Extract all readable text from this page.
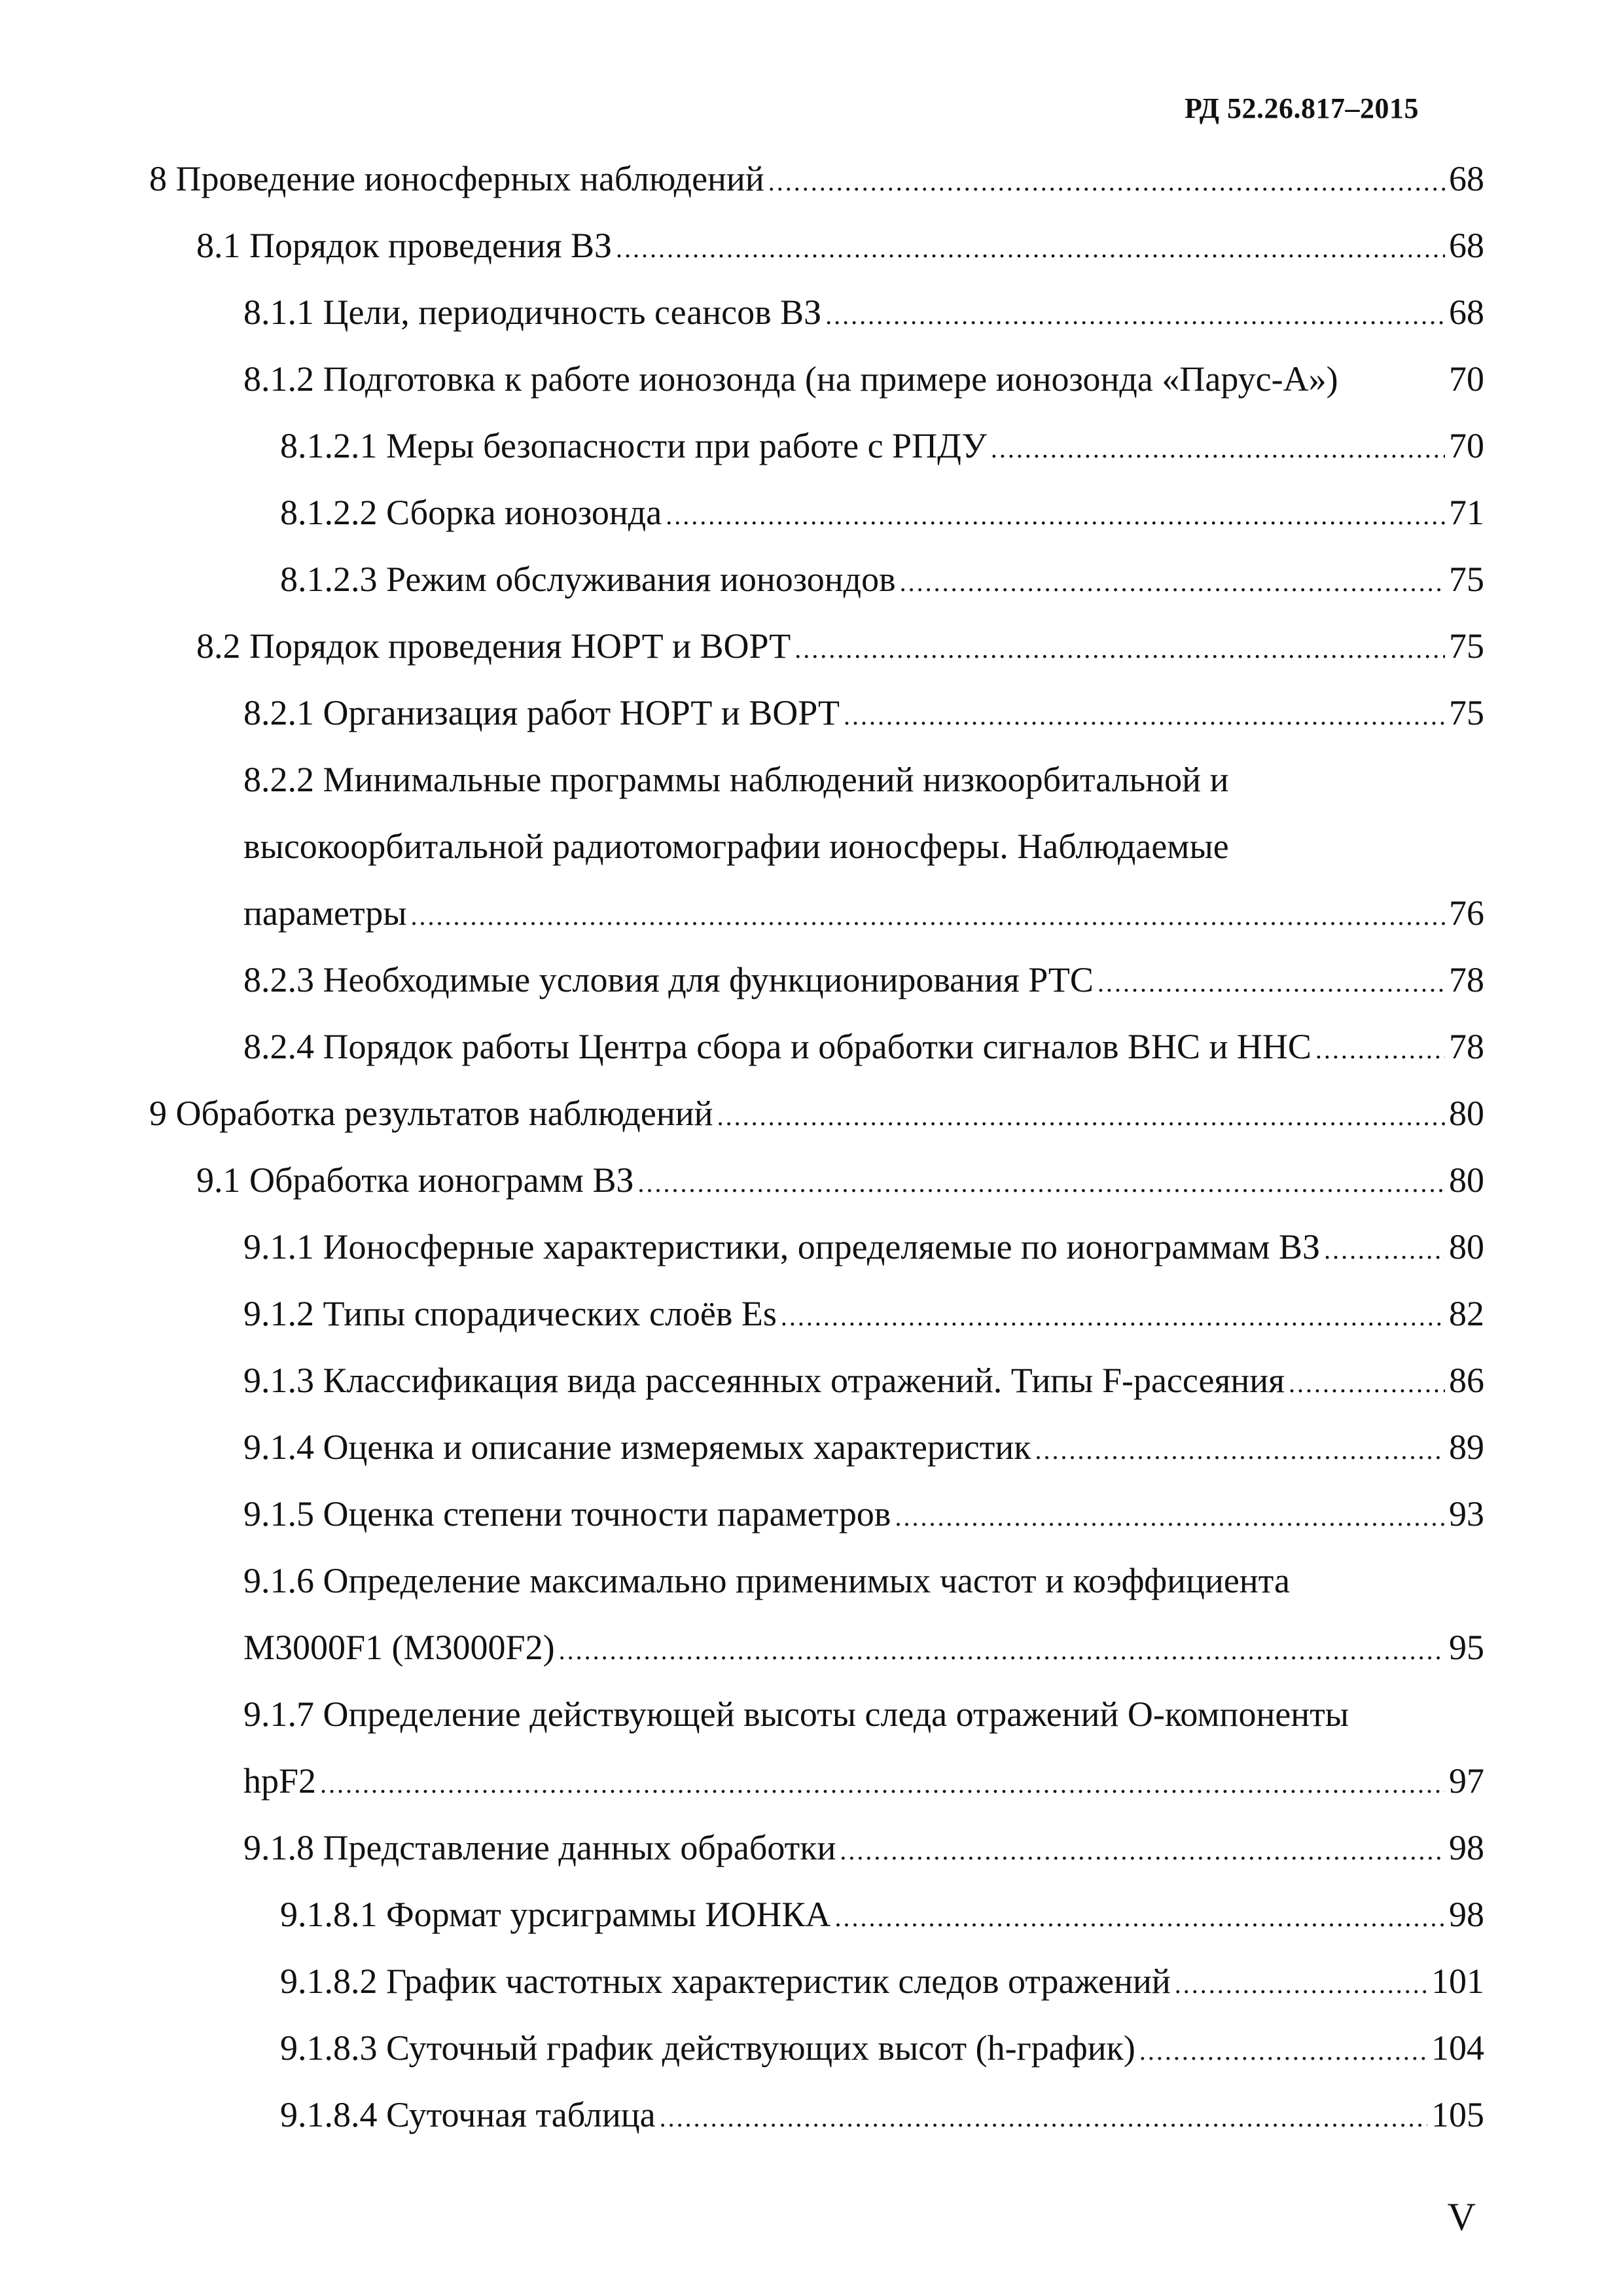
РД 52.26.817–2015
8 Проведение ионосферных наблюдений .....	68
8.1 Порядок проведения ВЗ .....	68
8.1.1 Цели, периодичность сеансов ВЗ .....	68
8.1.2 Подготовка к работе ионозонда (на примере ионозонда «Парус-А»)	70
8.1.2.1 Меры безопасности при работе с РПДУ .....	70
8.1.2.2 Сборка ионозонда .....	71
8.1.2.3 Режим обслуживания ионозондов .....	75
8.2 Порядок проведения НОРТ и ВОРТ .....	75
8.2.1 Организация работ НОРТ и ВОРТ .....	75
8.2.2 Минимальные программы наблюдений низкоорбитальной и
высокоорбитальной радиотомографии ионосферы. Наблюдаемые
параметры .....	76
8.2.3 Необходимые условия для функционирования РТС .....	78
8.2.4 Порядок работы Центра сбора и обработки сигналов ВНС и ННС .....	78
9 Обработка результатов наблюдений .....	80
9.1 Обработка ионограмм ВЗ .....	80
9.1.1 Ионосферные характеристики, определяемые по ионограммам ВЗ .....	80
9.1.2 Типы спорадических слоёв Es .....	82
9.1.3 Классификация вида рассеянных отражений. Типы F-рассеяния .....	86
9.1.4 Оценка и описание измеряемых характеристик .....	89
9.1.5 Оценка степени точности параметров .....	93
9.1.6 Определение максимально применимых частот и коэффициента
M3000F1 (M3000F2) .....	95
9.1.7 Определение действующей высоты следа отражений О-компоненты
hpF2 .....	97
9.1.8 Представление данных обработки .....	98
9.1.8.1 Формат урсиграммы ИОНКА .....	98
9.1.8.2 График частотных характеристик следов отражений .....	101
9.1.8.3 Суточный график действующих высот (h-график) .....	104
9.1.8.4 Суточная таблица .....	105
V
